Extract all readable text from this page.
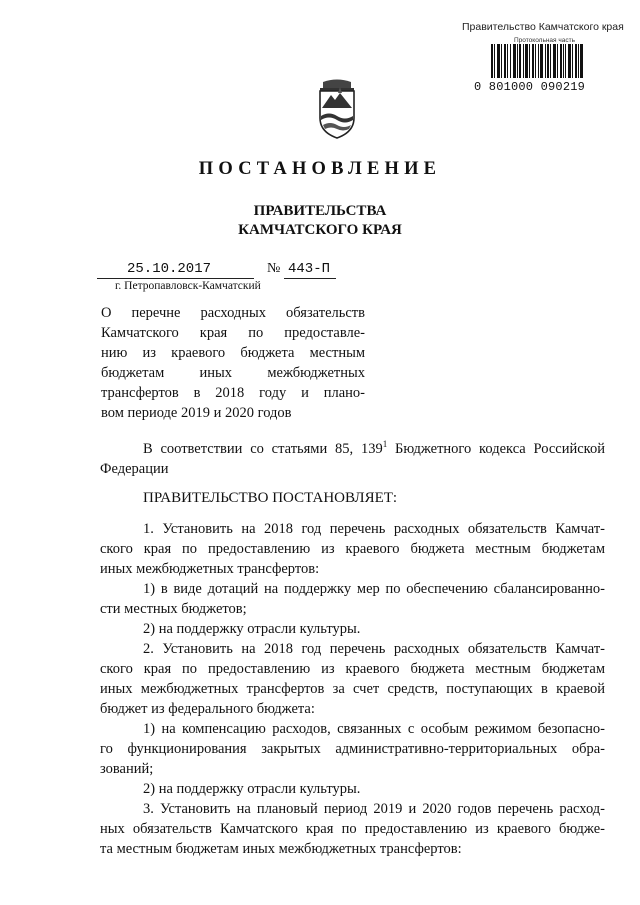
Правительство Камчатского края
Протокольная часть
0 801000 090219
ПОСТАНОВЛЕНИЕ
ПРАВИТЕЛЬСТВА
КАМЧАТСКОГО КРАЯ
25.10.2017	№ 443-П
г. Петропавловск-Камчатский
О перечне расходных обязательств
Камчатского края по предоставле-
нию из краевого бюджета местным
бюджетам иных межбюджетных
трансфертов в 2018 году и плано-
вом периоде 2019 и 2020 годов
В соответствии со статьями 85, $139^1$ Бюджетного кодекса Российской
Федерации
ПРАВИТЕЛЬСТВО ПОСТАНОВЛЯЕТ:
1. Установить на 2018 год перечень расходных обязательств Камчат-
ского края по предоставлению из краевого бюджета местным бюджетам
иных межбюджетных трансфертов:
1) в виде дотаций на поддержку мер по обеспечению сбалансированно-
сти местных бюджетов;
2) на поддержку отрасли культуры.
2. Установить на 2018 год перечень расходных обязательств Камчат-
ского края по предоставлению из краевого бюджета местным бюджетам
иных межбюджетных трансфертов за счет средств, поступающих в краевой
бюджет из федерального бюджета:
1) на компенсацию расходов, связанных с особым режимом безопасно-
го функционирования закрытых административно-территориальных обра-
зований;
2) на поддержку отрасли культуры.
3. Установить на плановый период 2019 и 2020 годов перечень расход-
ных обязательств Камчатского края по предоставлению из краевого бюдже-
та местным бюджетам иных межбюджетных трансфертов:
